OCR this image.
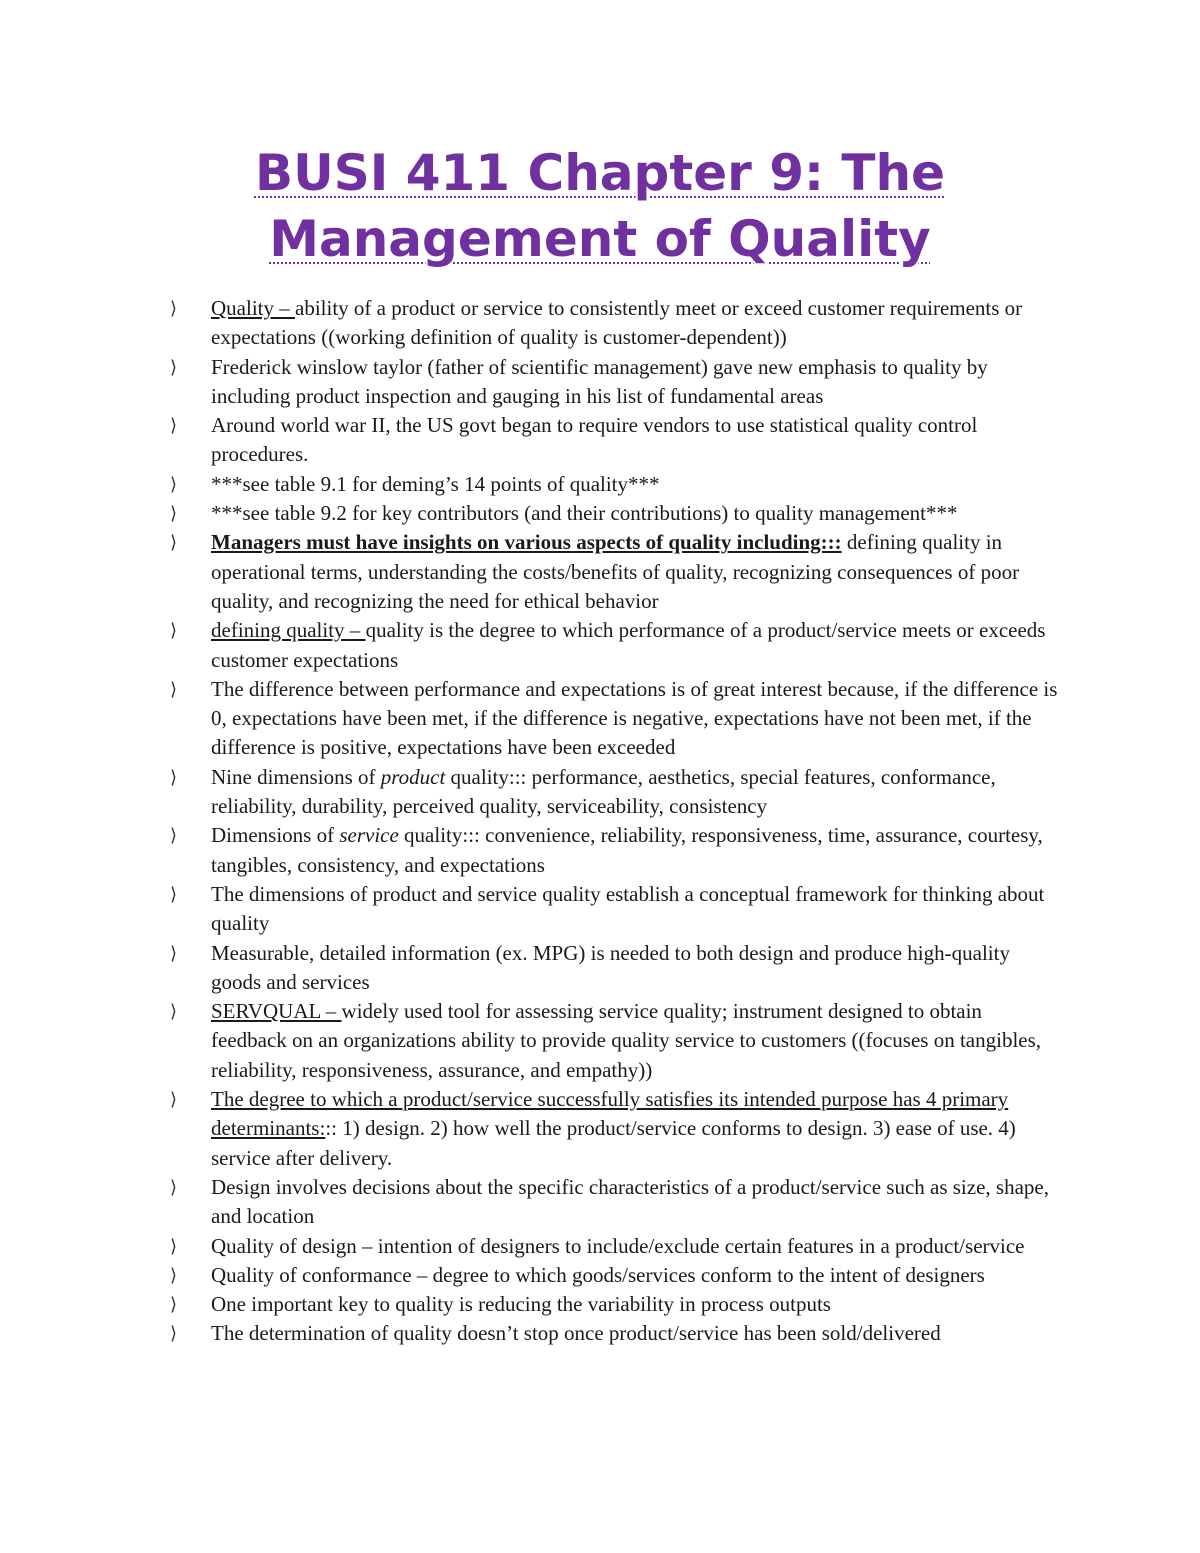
BUSI 411 Chapter 9: The
Management of Quality
⟩ Quality – ability of a product or service to consistently meet or exceed customer requirements or expectations ((working definition of quality is customer-dependent))
⟩ Frederick winslow taylor (father of scientific management) gave new emphasis to quality by including product inspection and gauging in his list of fundamental areas
⟩ Around world war II, the US govt began to require vendors to use statistical quality control procedures.
⟩ ***see table 9.1 for deming’s 14 points of quality***
⟩ ***see table 9.2 for key contributors (and their contributions) to quality management***
⟩ Managers must have insights on various aspects of quality including::: defining quality in operational terms, understanding the costs/benefits of quality, recognizing consequences of poor quality, and recognizing the need for ethical behavior
⟩ defining quality – quality is the degree to which performance of a product/service meets or exceeds customer expectations
⟩ The difference between performance and expectations is of great interest because, if the difference is 0, expectations have been met, if the difference is negative, expectations have not been met, if the difference is positive, expectations have been exceeded
⟩ Nine dimensions of product quality::: performance, aesthetics, special features, conformance, reliability, durability, perceived quality, serviceability, consistency
⟩ Dimensions of service quality::: convenience, reliability, responsiveness, time, assurance, courtesy, tangibles, consistency, and expectations
⟩ The dimensions of product and service quality establish a conceptual framework for thinking about quality
⟩ Measurable, detailed information (ex. MPG) is needed to both design and produce high-quality goods and services
⟩ SERVQUAL – widely used tool for assessing service quality; instrument designed to obtain feedback on an organizations ability to provide quality service to customers ((focuses on tangibles, reliability, responsiveness, assurance, and empathy))
⟩ The degree to which a product/service successfully satisfies its intended purpose has 4 primary determinants::: 1) design. 2) how well the product/service conforms to design. 3) ease of use. 4) service after delivery.
⟩ Design involves decisions about the specific characteristics of a product/service such as size, shape, and location
⟩ Quality of design – intention of designers to include/exclude certain features in a product/service
⟩ Quality of conformance – degree to which goods/services conform to the intent of designers
⟩ One important key to quality is reducing the variability in process outputs
⟩ The determination of quality doesn’t stop once product/service has been sold/delivered
